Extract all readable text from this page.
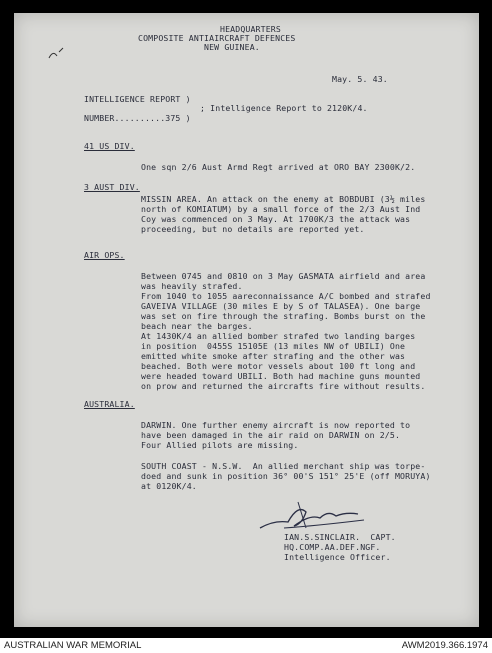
HEADQUARTERS
COMPOSITE ANTIAIRCRAFT DEFENCES
NEW GUINEA.
May. 5. 43.
INTELLIGENCE REPORT )
NUMBER..........375 )
; Intelligence Report to 2120K/4.
41 US DIV.
One sqn 2/6 Aust Armd Regt arrived at ORO BAY 2300K/2.
3 AUST DIV.
MISSIN AREA. An attack on the enemy at BOBDUBI (3½ miles
north of KOMIATUM) by a small force of the 2/3 Aust Ind
Coy was commenced on 3 May. At 1700K/3 the attack was
proceeding, but no details are reported yet.
AIR OPS.
Between 0745 and 0810 on 3 May GASMATA airfield and area
was heavily strafed.
From 1040 to 1055 aareconnaissance A/C bombed and strafed
GAVEIVA VILLAGE (30 miles E by S of TALASEA). One barge
was set on fire through the strafing. Bombs burst on the
beach near the barges.
At 1430K/4 an allied bomber strafed two landing barges
in position  0455S 15105E (13 miles NW of UBILI) One
emitted white smoke after strafing and the other was
beached. Both were motor vessels about 100 ft long and
were headed toward UBILI. Both had machine guns mounted
on prow and returned the aircrafts fire without results.
AUSTRALIA.
DARWIN. One further enemy aircraft is now reported to
have been damaged in the air raid on DARWIN on 2/5.
Four Allied pilots are missing.
SOUTH COAST - N.S.W.  An allied merchant ship was torpe-
doed and sunk in position 36° 00'S 151° 25'E (off MORUYA)
at 0120K/4.
IAN.S.SINCLAIR.  CAPT.
HQ.COMP.AA.DEF.NGF.
Intelligence Officer.
AUSTRALIAN WAR MEMORIAL	AWM2019.366.1974
